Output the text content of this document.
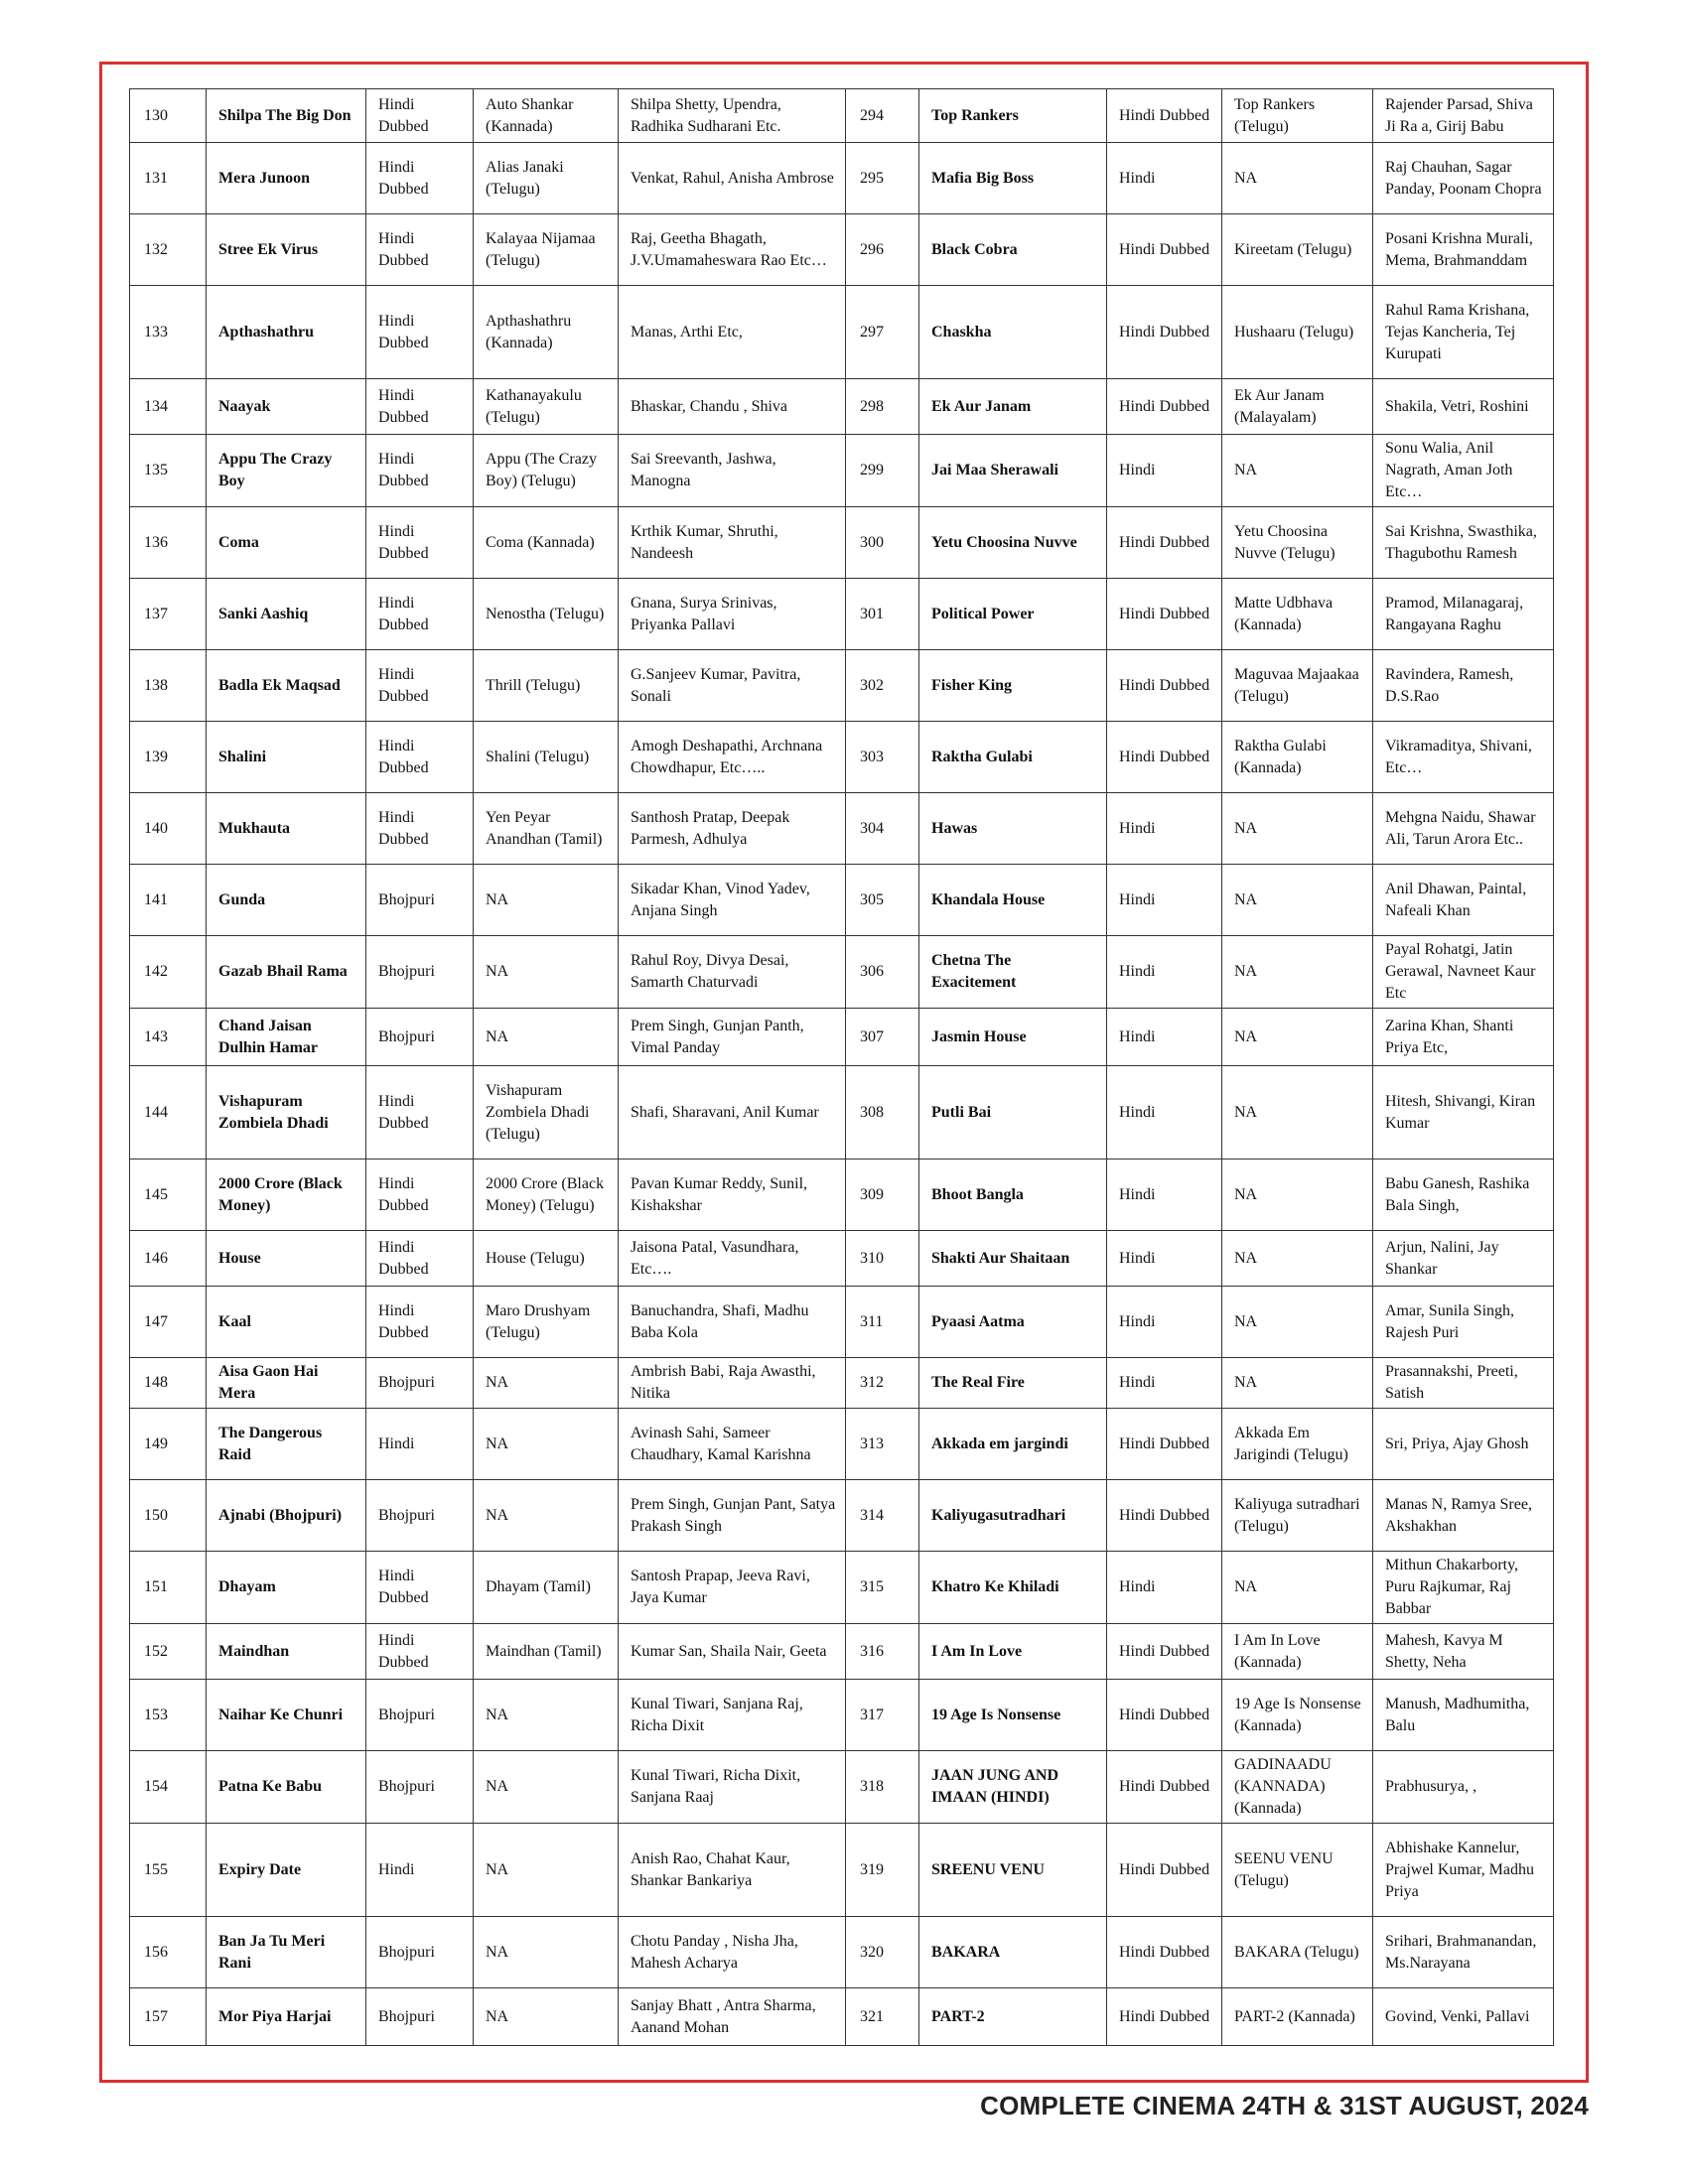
130	Shilpa The Big Don	Hindi Dubbed	Auto Shankar (Kannada)	Shilpa Shetty, Upendra, Radhika Sudharani Etc.	294	Top Rankers	Hindi Dubbed	Top Rankers (Telugu)	Rajender Parsad, Shiva Ji Ra a, Girij Babu
131	Mera Junoon	Hindi Dubbed	Alias Janaki (Telugu)	Venkat, Rahul, Anisha Ambrose	295	Mafia Big Boss	Hindi	NA	Raj Chauhan, Sagar Panday, Poonam Chopra
132	Stree Ek Virus	Hindi Dubbed	Kalayaa Nijamaa (Telugu)	Raj, Geetha Bhagath, J.V.Umamaheswara Rao Etc…	296	Black Cobra	Hindi Dubbed	Kireetam (Telugu)	Posani Krishna Murali, Mema, Brahmanddam
133	Apthashathru	Hindi Dubbed	Apthashathru (Kannada)	Manas, Arthi Etc,	297	Chaskha	Hindi Dubbed	Hushaaru (Telugu)	Rahul Rama Krishana, Tejas Kancheria, Tej Kurupati
134	Naayak	Hindi Dubbed	Kathanayakulu (Telugu)	Bhaskar, Chandu , Shiva	298	Ek Aur Janam	Hindi Dubbed	Ek Aur Janam (Malayalam)	Shakila, Vetri, Roshini
135	Appu The Crazy Boy	Hindi Dubbed	Appu (The Crazy Boy) (Telugu)	Sai Sreevanth, Jashwa, Manogna	299	Jai Maa Sherawali	Hindi	NA	Sonu Walia, Anil Nagrath, Aman Joth Etc…
136	Coma	Hindi Dubbed	Coma (Kannada)	Krthik Kumar, Shruthi, Nandeesh	300	Yetu Choosina Nuvve	Hindi Dubbed	Yetu Choosina Nuvve (Telugu)	Sai Krishna, Swasthika, Thagubothu Ramesh
137	Sanki Aashiq	Hindi Dubbed	Nenostha (Telugu)	Gnana, Surya Srinivas, Priyanka Pallavi	301	Political Power	Hindi Dubbed	Matte Udbhava (Kannada)	Pramod, Milanagaraj, Rangayana Raghu
138	Badla Ek Maqsad	Hindi Dubbed	Thrill (Telugu)	G.Sanjeev Kumar, Pavitra, Sonali	302	Fisher King	Hindi Dubbed	Maguvaa Majaakaa (Telugu)	Ravindera, Ramesh, D.S.Rao
139	Shalini	Hindi Dubbed	Shalini (Telugu)	Amogh Deshapathi, Archnana Chowdhapur, Etc…..	303	Raktha Gulabi	Hindi Dubbed	Raktha Gulabi (Kannada)	Vikramaditya, Shivani, Etc…
140	Mukhauta	Hindi Dubbed	Yen Peyar Anandhan (Tamil)	Santhosh Pratap, Deepak Parmesh, Adhulya	304	Hawas	Hindi	NA	Mehgna Naidu, Shawar Ali, Tarun Arora Etc..
141	Gunda	Bhojpuri	NA	Sikadar Khan, Vinod Yadev, Anjana Singh	305	Khandala House	Hindi	NA	Anil Dhawan, Paintal, Nafeali Khan
142	Gazab Bhail Rama	Bhojpuri	NA	Rahul Roy, Divya Desai, Samarth Chaturvadi	306	Chetna The Exacitement	Hindi	NA	Payal Rohatgi, Jatin Gerawal, Navneet Kaur Etc
143	Chand Jaisan Dulhin Hamar	Bhojpuri	NA	Prem Singh, Gunjan Panth, Vimal Panday	307	Jasmin House	Hindi	NA	Zarina Khan, Shanti Priya Etc,
144	Vishapuram Zombiela Dhadi	Hindi Dubbed	Vishapuram Zombiela Dhadi (Telugu)	Shafi, Sharavani, Anil Kumar	308	Putli Bai	Hindi	NA	Hitesh, Shivangi, Kiran Kumar
145	2000 Crore (Black Money)	Hindi Dubbed	2000 Crore (Black Money) (Telugu)	Pavan Kumar Reddy, Sunil, Kishakshar	309	Bhoot Bangla	Hindi	NA	Babu Ganesh, Rashika Bala Singh,
146	House	Hindi Dubbed	House (Telugu)	Jaisona Patal, Vasundhara, Etc….	310	Shakti Aur Shaitaan	Hindi	NA	Arjun, Nalini, Jay Shankar
147	Kaal	Hindi Dubbed	Maro Drushyam (Telugu)	Banuchandra, Shafi, Madhu Baba Kola	311	Pyaasi Aatma	Hindi	NA	Amar, Sunila Singh, Rajesh Puri
148	Aisa Gaon Hai Mera	Bhojpuri	NA	Ambrish Babi, Raja Awasthi, Nitika	312	The Real Fire	Hindi	NA	Prasannakshi, Preeti, Satish
149	The Dangerous Raid	Hindi	NA	Avinash Sahi, Sameer Chaudhary, Kamal Karishna	313	Akkada em jargindi	Hindi Dubbed	Akkada Em Jarigindi (Telugu)	Sri, Priya, Ajay Ghosh
150	Ajnabi (Bhojpuri)	Bhojpuri	NA	Prem Singh, Gunjan Pant, Satya Prakash Singh	314	Kaliyugasutradhari	Hindi Dubbed	Kaliyuga sutradhari (Telugu)	Manas N, Ramya Sree, Akshakhan
151	Dhayam	Hindi Dubbed	Dhayam (Tamil)	Santosh Prapap, Jeeva Ravi, Jaya Kumar	315	Khatro Ke Khiladi	Hindi	NA	Mithun Chakarborty, Puru Rajkumar, Raj Babbar
152	Maindhan	Hindi Dubbed	Maindhan (Tamil)	Kumar San, Shaila Nair, Geeta	316	I Am In Love	Hindi Dubbed	I Am In Love (Kannada)	Mahesh, Kavya M Shetty, Neha
153	Naihar Ke Chunri	Bhojpuri	NA	Kunal Tiwari, Sanjana Raj, Richa Dixit	317	19 Age Is Nonsense	Hindi Dubbed	19 Age Is Nonsense (Kannada)	Manush, Madhumitha, Balu
154	Patna Ke Babu	Bhojpuri	NA	Kunal Tiwari, Richa Dixit, Sanjana Raaj	318	JAAN JUNG AND IMAAN (HINDI)	Hindi Dubbed	GADINAADU (KANNADA) (Kannada)	Prabhusurya, ,
155	Expiry Date	Hindi	NA	Anish Rao, Chahat Kaur, Shankar Bankariya	319	SREENU VENU	Hindi Dubbed	SEENU VENU (Telugu)	Abhishake Kannelur, Prajwel Kumar, Madhu Priya
156	Ban Ja Tu Meri Rani	Bhojpuri	NA	Chotu Panday , Nisha Jha, Mahesh Acharya	320	BAKARA	Hindi Dubbed	BAKARA (Telugu)	Srihari, Brahmanandan, Ms.Narayana
157	Mor Piya Harjai	Bhojpuri	NA	Sanjay Bhatt , Antra Sharma, Aanand Mohan	321	PART-2	Hindi Dubbed	PART-2 (Kannada)	Govind, Venki, Pallavi
COMPLETE CINEMA 24TH & 31ST AUGUST, 2024
